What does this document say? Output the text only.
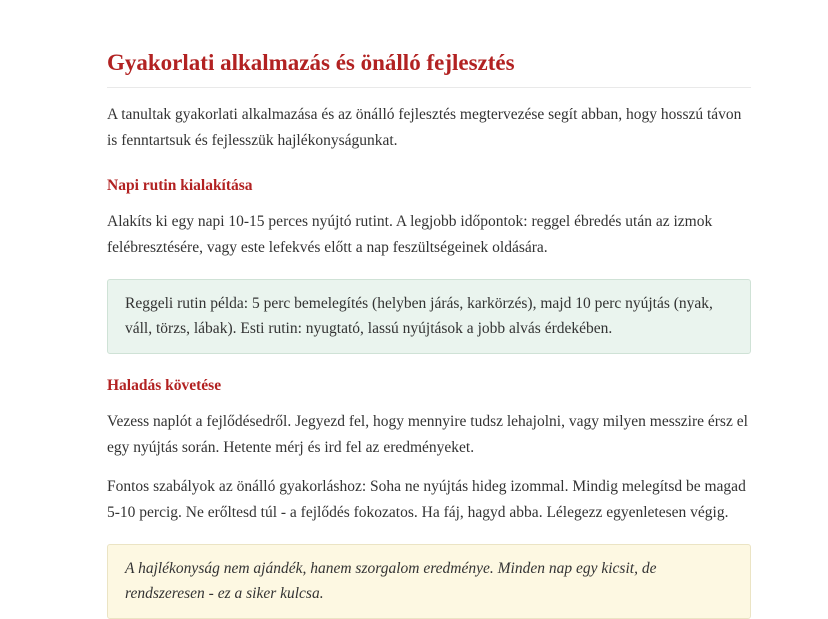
Gyakorlati alkalmazás és önálló fejlesztés

A tanultak gyakorlati alkalmazása és az önálló fejlesztés megtervezése segít abban, hogy hosszú távon is fenntartsuk és fejlesszük hajlékonyságunkat.

Napi rutin kialakítása

Alakíts ki egy napi 10-15 perces nyújtó rutint. A legjobb időpontok: reggel ébredés után az izmok felébresztésére, vagy este lefekvés előtt a nap feszültségeinek oldására.

Reggeli rutin példa: 5 perc bemelegítés (helyben járás, karkörzés), majd 10 perc nyújtás (nyak, váll, törzs, lábak). Esti rutin: nyugtató, lassú nyújtások a jobb alvás érdekében.
Haladás követése

Vezess naplót a fejlődésedről. Jegyezd fel, hogy mennyire tudsz lehajolni, vagy milyen messzire érsz el egy nyújtás során. Hetente mérj és ird fel az eredményeket.

Fontos szabályok az önálló gyakorláshoz: Soha ne nyújtás hideg izommal. Mindig melegítsd be magad 5-10 percig. Ne erőltesd túl - a fejlődés fokozatos. Ha fáj, hagyd abba. Lélegezz egyenletesen végig.

A hajlékonyság nem ajándék, hanem szorgalom eredménye. Minden nap egy kicsit, de rendszeresen - ez a siker kulcsa.
